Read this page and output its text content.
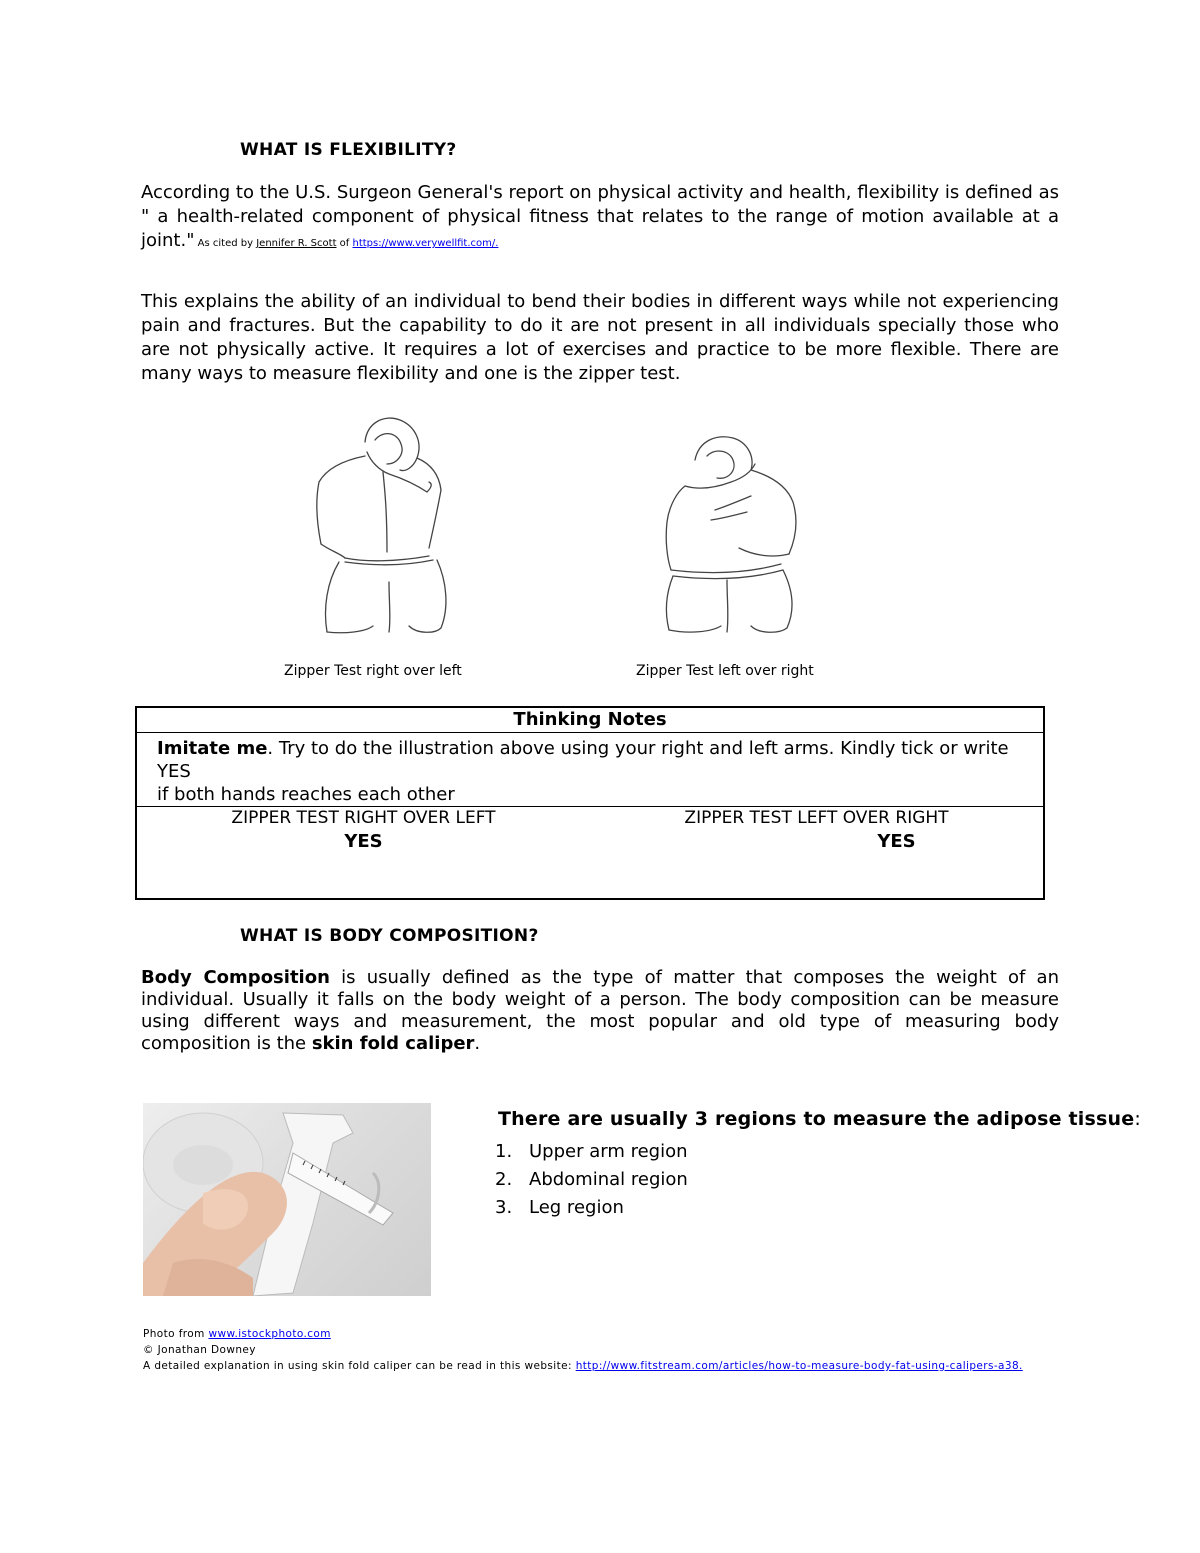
WHAT IS FLEXIBILITY?
According to the U.S. Surgeon General's report on physical activity and health, flexibility is defined as " a health-related component of physical fitness that relates to the range of motion available at a joint." As cited by Jennifer R. Scott of https://www.verywellfit.com/.
This explains the ability of an individual to bend their bodies in different ways while not experiencing pain and fractures. But the capability to do it are not present in all individuals specially those who are not physically active. It requires a lot of exercises and practice to be more flexible. There are many ways to measure flexibility and one is the zipper test.
Zipper Test right over left	Zipper Test left over right
Thinking Notes
Imitate me. Try to do the illustration above using your right and left arms. Kindly tick or write YES
if both hands reaches each other
ZIPPER TEST RIGHT OVER LEFT
YES
ZIPPER TEST LEFT OVER RIGHT
YES
WHAT IS BODY COMPOSITION?
Body Composition is usually defined as the type of matter that composes the weight of an individual. Usually it falls on the body weight of a person. The body composition can be measure using different ways and measurement, the most popular and old type of measuring body composition is the skin fold caliper.
There are usually 3 regions to measure the adipose tissue:
1. Upper arm region
2. Abdominal region
3. Leg region
Photo from www.istockphoto.com
© Jonathan Downey
A detailed explanation in using skin fold caliper can be read in this website: http://www.fitstream.com/articles/how-to-measure-body-fat-using-calipers-a38.
